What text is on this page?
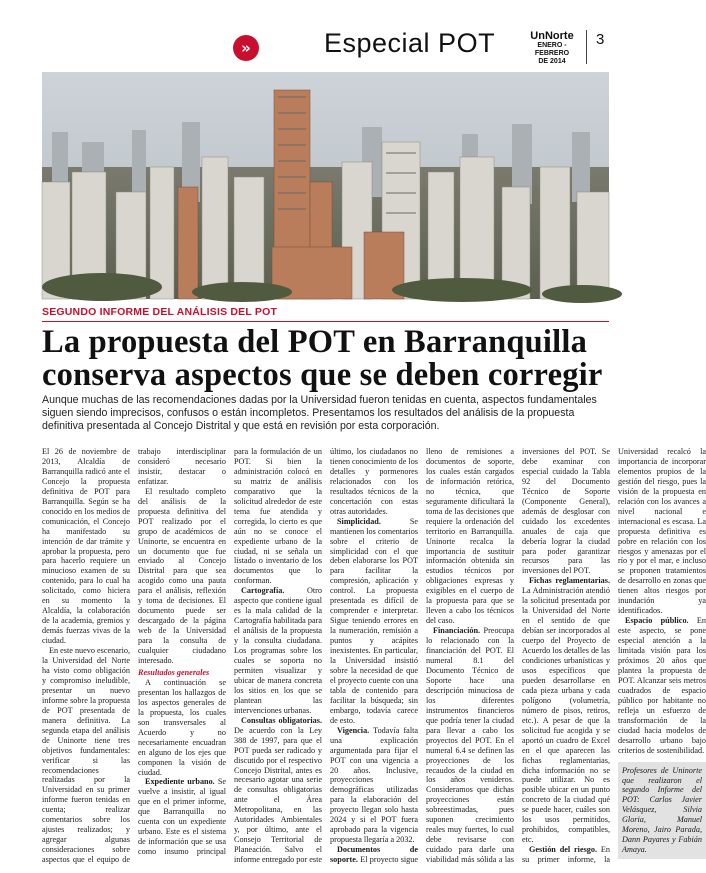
»	Especial POT	UnNorte
ENERO - FEBRERO
DE 2014
3
SEGUNDO INFORME DEL ANÁLISIS DEL POT
La propuesta del POT en Barranquilla conserva aspectos que se deben corregir

Aunque muchas de las recomendaciones dadas por la Universidad fueron tenidas en cuenta, aspectos fundamentales siguen siendo imprecisos, confusos o están incompletos. Presentamos los resultados del análisis de la propuesta definitiva presentada al Concejo Distrital y que está en revisión por esta corporación.

El 26 de noviembre de 2013, Alcaldía de Barranquilla radicó ante el Concejo la propuesta definitiva de POT para Barranquilla. Según se ha conocido en los medios de comunicación, el Concejo ha manifestado su intención de dar trámite y aprobar la propuesta, pero para hacerlo requiere un minucioso examen de su contenido, para lo cual ha solicitado, como hiciera en su momento la Alcaldía, la colaboración de la academia, gremios y demás fuerzas vivas de la ciudad.

En este nuevo escenario, la Universidad del Norte ha visto como obligación y compromiso ineludible, presentar un nuevo informe sobre la propuesta de POT presentada de manera definitiva. La segunda etapa del análisis de Uninorte tiene tres objetivos fundamentales: verificar si las recomendaciones realizadas por la Universidad en su primer informe fueron tenidas en cuenta; realizar comentarios sobre los ajustes realizados; y agregar algunas consideraciones sobre aspectos que el equipo de trabajo interdisciplinar consideró necesario insistir, destacar o enfatizar.

El resultado completo del análisis de la propuesta definitiva del POT realizado por el grupo de académicos de Uninorte, se encuentra en un documento que fue enviado al Concejo Distrital para que sea acogido como una pauta para el análisis, reflexión y toma de decisiones. El documento puede ser descargado de la página web de la Universidad para la consulta de cualquier ciudadano interesado.

Resultados generales

A continuación se presentan los hallazgos de los aspectos generales de la propuesta, los cuales son transversales al Acuerdo y no necesariamente encuadran en alguno de los ejes que componen la visión de ciudad.

Expediente urbano. Se vuelve a insistir, al igual que en el primer informe, que Barranquilla no cuenta con un expediente urbano. Este es el sistema de información que se usa como insumo principal para la formulación de un POT. Si bien la administración colocó en su matriz de análisis comparativo que la solicitud alrededor de este tema fue atendida y corregida, lo cierto es que aún no se conoce el expediente urbano de la ciudad, ni se señala un listado o inventario de los documentos que lo conforman.

Cartografía.	Otro aspecto que contiene igual es la mala calidad de la Cartografía habilitada para el análisis de la propuesta y la consulta ciudadana. Los programas sobre los cuales se soporta no permiten visualizar y ubicar de manera concreta los sitios en los que se plantean las intervenciones urbanas.

Consultas obligatorias. De acuerdo con la Ley 388 de 1997, para que el POT pueda ser radicado y discutido por el respectivo Concejo Distrital, antes es necesario agotar una serie de consultas obligatorias ante el Área Metropolitana, en las Autoridades Ambientales y, por último, ante el Consejo Territorial de Planeación. Salvo el informe entregado por este último, los ciudadanos no tienen conocimiento de los detalles y pormenores relacionados con los resultados técnicos de la concertación con estas otras autoridades.

Simplicidad.	Se mantienen los comentarios sobre el criterio de simplicidad con el que deben elaborarse los POT para facilitar la compresión, aplicación y control. La propuesta presentada es difícil de comprender e interpretar. Sigue teniendo errores en la numeración, remisión a puntos y acápites inexistentes. En particular, la Universidad insistió sobre la necesidad de que el proyecto cuente con una tabla de contenido para facilitar la búsqueda; sin embargo, todavía carece de esto.

Vigencia. Todavía falta una explicación argumentada para fijar el POT con una vigencia a 20 años. Inclusive, proyecciones demográficas utilizadas para la elaboración del proyecto llegan solo hasta 2024 y si el POT fuera aprobado para la vigencia propuesta llegaría a 2032.

Documentos de soporte. El proyecto sigue lleno de remisiones a documentos de soporte, los cuales están cargados de información retórica, no técnica, que seguramente dificultará la toma de las decisiones que requiere la ordenación del territorio en Barranquilla. Uninorte recalca la importancia de sustituir información obtenida sin estudios técnicos por obligaciones expresas y exigibles en el cuerpo de la propuesta para que se lleven a cabo los técnicos del caso.

Financiación. Preocupa lo relacionado con la financiación del POT. El numeral 8.1 del Documento Técnico de Soporte hace una descripción minuciosa de los diferentes instrumentos financieros que podría tener la ciudad para llevar a cabo los proyectos del POT. En el numeral 6.4 se definen las proyecciones de los recaudos de la ciudad en los años venideros. Consideramos que dichas proyecciones están sobreestimadas, pues suponen crecimiento reales muy fuertes, lo cual debe revisarse con cuidado para darle una viabilidad más sólida a las inversiones del POT. Se debe examinar con especial cuidado la Tabla 92 del Documento Técnico de Soporte (Componente General), además de desglosar con cuidado los excedentes anuales de caja que debería lograr la ciudad para poder garantizar recursos para las inversiones del POT.

Fichas reglamentarias. La Administración atendió la solicitud presentada por la Universidad del Norte en el sentido de que debían ser incorporados al cuerpo del Proyecto de Acuerdo los detalles de las condiciones urbanísticas y usos específicos que pueden desarrollarse en cada pieza urbana y cada polígono (volumetría, número de pisos, retiros, etc.). A pesar de que la solicitud fue acogida y se aportó un cuadro de Excel en el que aparecen las fichas reglamentarias, dicha información no se puede utilizar. No es posible ubicar en un punto concreto de la ciudad qué se puede hacer, cuáles son los usos permitidos, prohibidos, compatibles, etc.

Gestión del riesgo. En su primer informe, la Universidad recalcó la importancia de incorporar elementos propios de la gestión del riesgo, pues la visión de la propuesta en relación con los avances a nivel nacional e internacional es escasa. La propuesta definitiva es pobre en relación con los riesgos y amenazas por el río y por el mar, e incluso se proponen tratamientos de desarrollo en zonas que tienen altos riesgos por inundación ya identificados.

Espacio público. En este aspecto, se pone especial atención a la limitada visión para los próximos 20 años que plantea la propuesta de POT. Alcanzar seis metros cuadrados de espacio público por habitante no refleja un esfuerzo de transformación de la ciudad hacia modelos de desarrollo urbano bajo criterios de sostenibilidad.

Profesores de Uninorte que realizaron el segundo Informe del POT: Carlos Javier Velásquez, Silvia Gloria, Manuel Moreno, Jairo Parada, Dann Payares y Fabián Amaya.
